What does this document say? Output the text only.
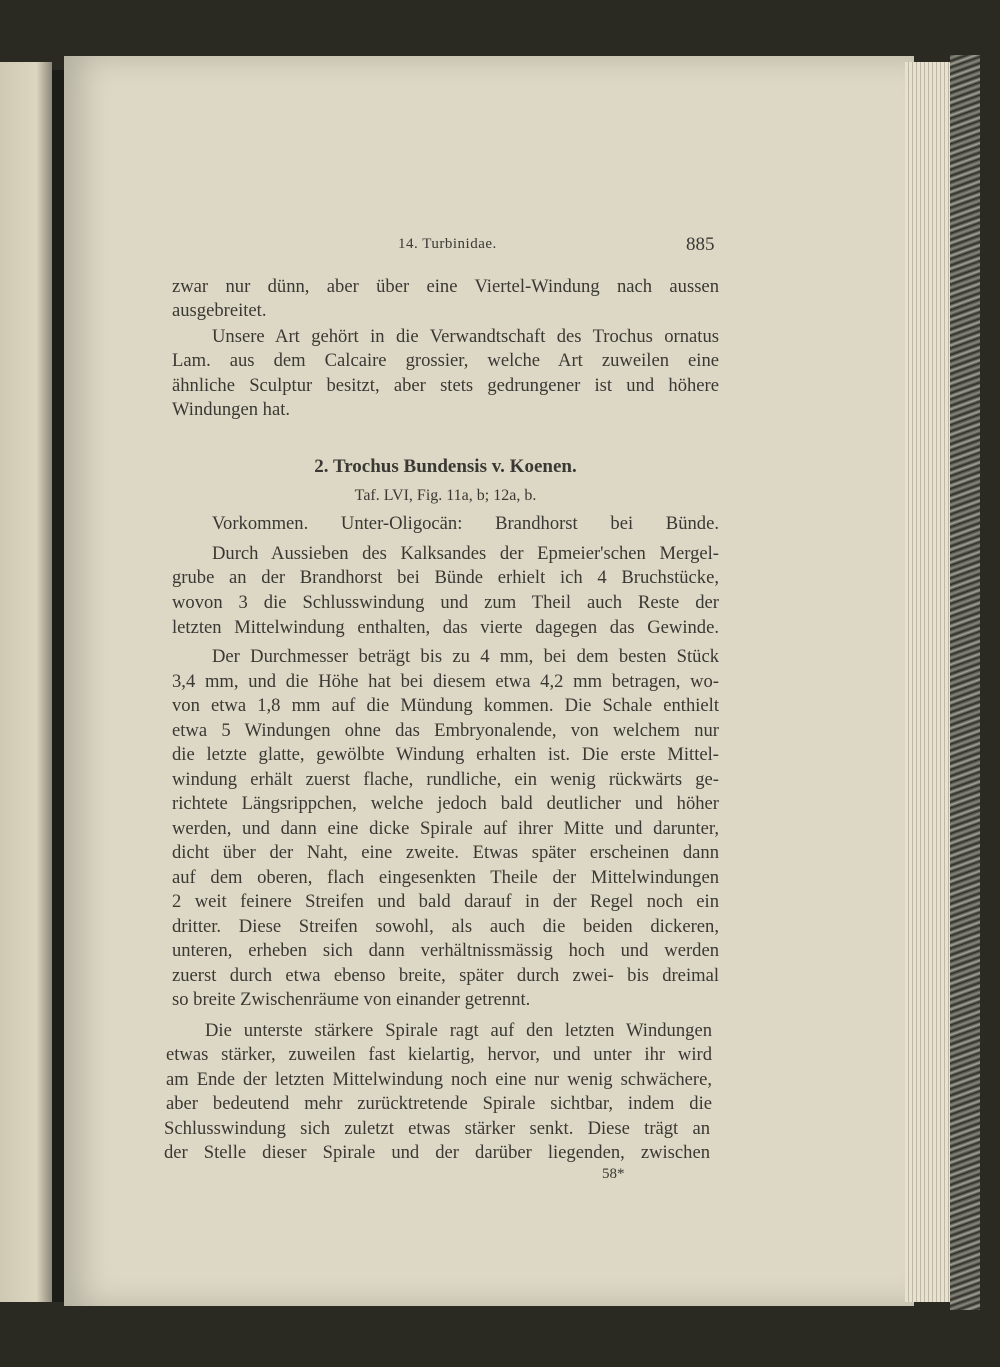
14. Turbinidae.	885
zwar nur dünn, aber über eine Viertel-Windung nach aussen
ausgebreitet.
Unsere Art gehört in die Verwandtschaft des Trochus ornatus
Lam. aus dem Calcaire grossier, welche Art zuweilen eine
ähnliche Sculptur besitzt, aber stets gedrungener ist und höhere
Windungen hat.
2. Trochus Bundensis v. Koenen.
Taf. LVI, Fig. 11a, b; 12a, b.
Vorkommen. Unter-Oligocän: Brandhorst bei Bünde.
Durch Aussieben des Kalksandes der Epmeier'schen Mergel-
grube an der Brandhorst bei Bünde erhielt ich 4 Bruchstücke,
wovon 3 die Schlusswindung und zum Theil auch Reste der
letzten Mittelwindung enthalten, das vierte dagegen das Gewinde.
Der Durchmesser beträgt bis zu 4 mm, bei dem besten Stück
3,4 mm, und die Höhe hat bei diesem etwa 4,2 mm betragen, wo-
von etwa 1,8 mm auf die Mündung kommen. Die Schale enthielt
etwa 5 Windungen ohne das Embryonalende, von welchem nur
die letzte glatte, gewölbte Windung erhalten ist. Die erste Mittel-
windung erhält zuerst flache, rundliche, ein wenig rückwärts ge-
richtete Längsrippchen, welche jedoch bald deutlicher und höher
werden, und dann eine dicke Spirale auf ihrer Mitte und darunter,
dicht über der Naht, eine zweite. Etwas später erscheinen dann
auf dem oberen, flach eingesenkten Theile der Mittelwindungen
2 weit feinere Streifen und bald darauf in der Regel noch ein
dritter. Diese Streifen sowohl, als auch die beiden dickeren,
unteren, erheben sich dann verhältnissmässig hoch und werden
zuerst durch etwa ebenso breite, später durch zwei- bis dreimal
so breite Zwischenräume von einander getrennt.
Die unterste stärkere Spirale ragt auf den letzten Windungen
etwas stärker, zuweilen fast kielartig, hervor, und unter ihr wird
am Ende der letzten Mittelwindung noch eine nur wenig schwächere,
aber bedeutend mehr zurücktretende Spirale sichtbar, indem die
Schlusswindung sich zuletzt etwas stärker senkt. Diese trägt an
der Stelle dieser Spirale und der darüber liegenden, zwischen
58*
